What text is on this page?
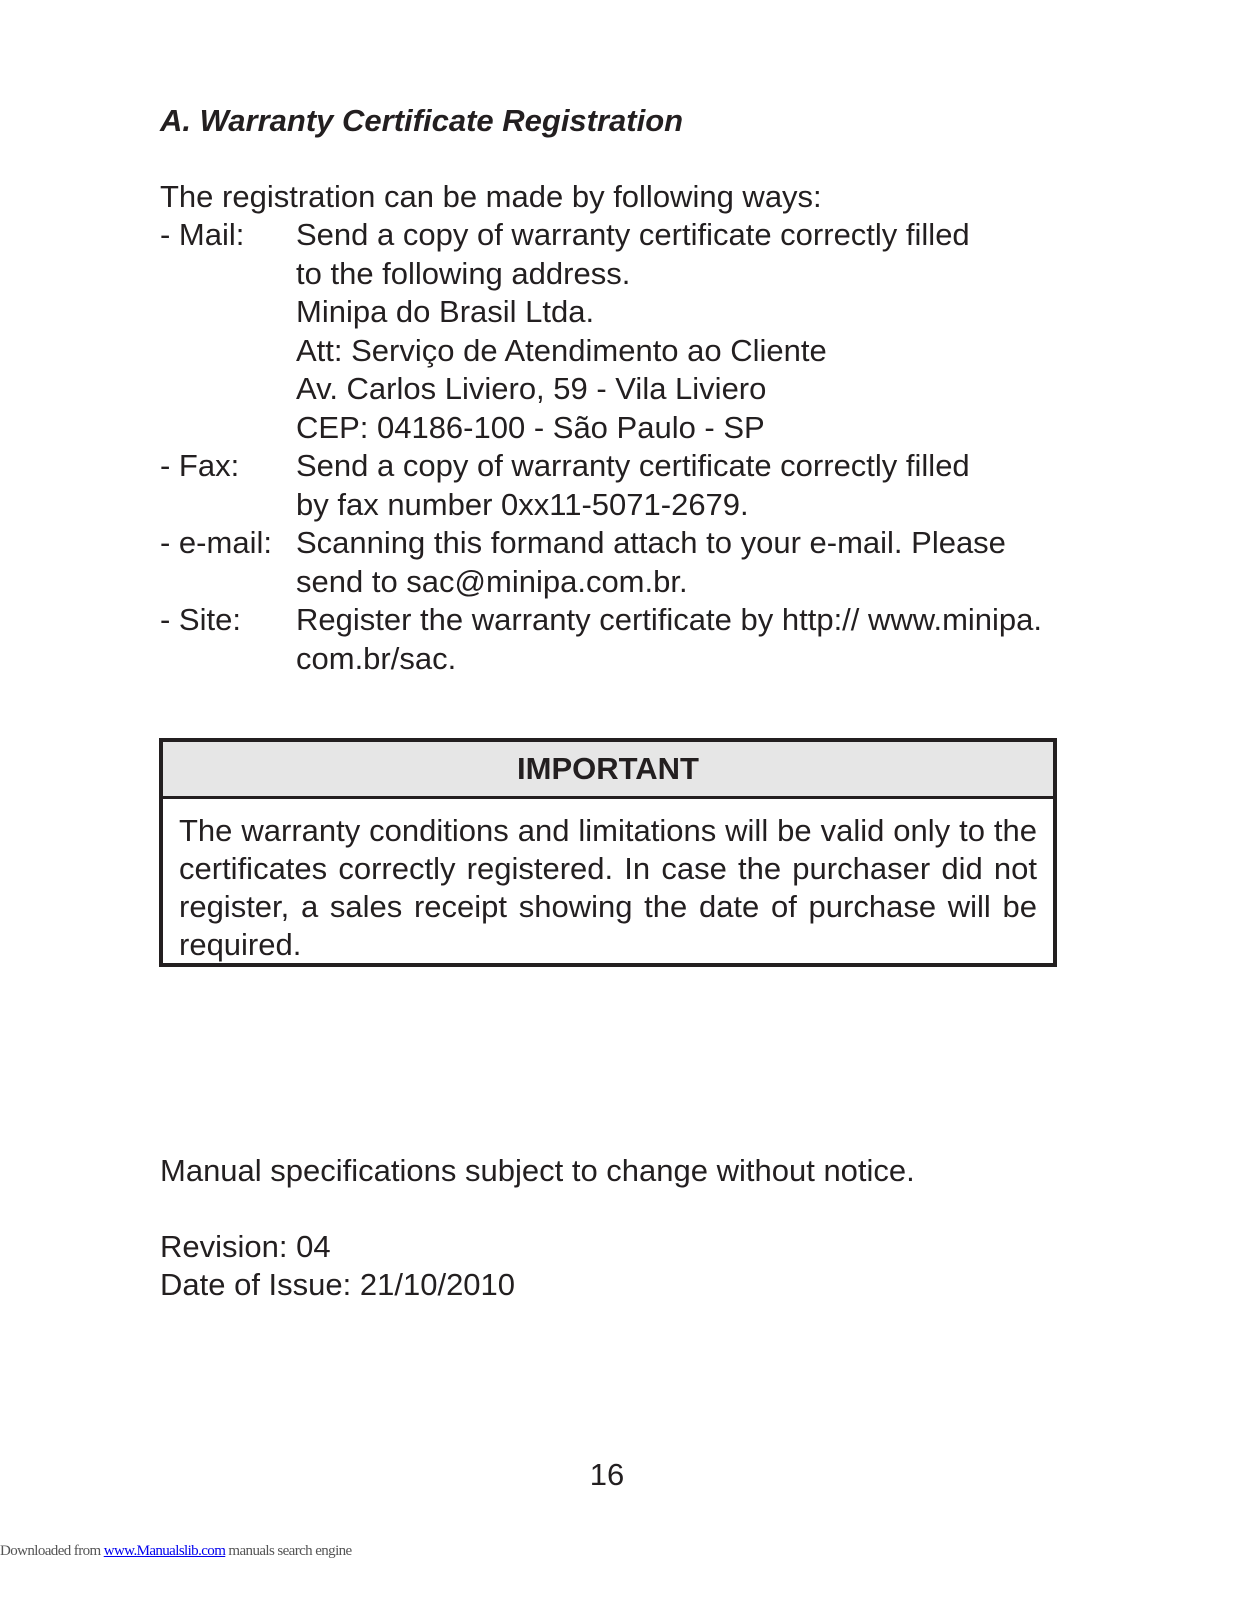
A. Warranty Certificate Registration
The registration can be made by following ways:
- Mail:	Send a copy of warranty certificate correctly filled
to the following address.
Minipa do Brasil Ltda.
Att: Serviço de Atendimento ao Cliente
Av. Carlos Liviero, 59 - Vila Liviero
CEP: 04186-100 - São Paulo - SP
- Fax:	Send a copy of warranty certificate correctly filled
by fax number 0xx11-5071-2679.
- e-mail: Scanning this formand attach to your e-mail. Please
send to sac@minipa.com.br.
- Site:	Register the warranty certificate by http:// www.minipa.
com.br/sac.
IMPORTANT
The warranty conditions and limitations will be valid only to the certificates correctly registered. In case the purchaser did not register, a sales receipt showing the date of purchase will be required.
Manual specifications subject to change without notice.
Revision: 04
Date of Issue: 21/10/2010
16
Downloaded from www.Manualslib.com manuals search engine
